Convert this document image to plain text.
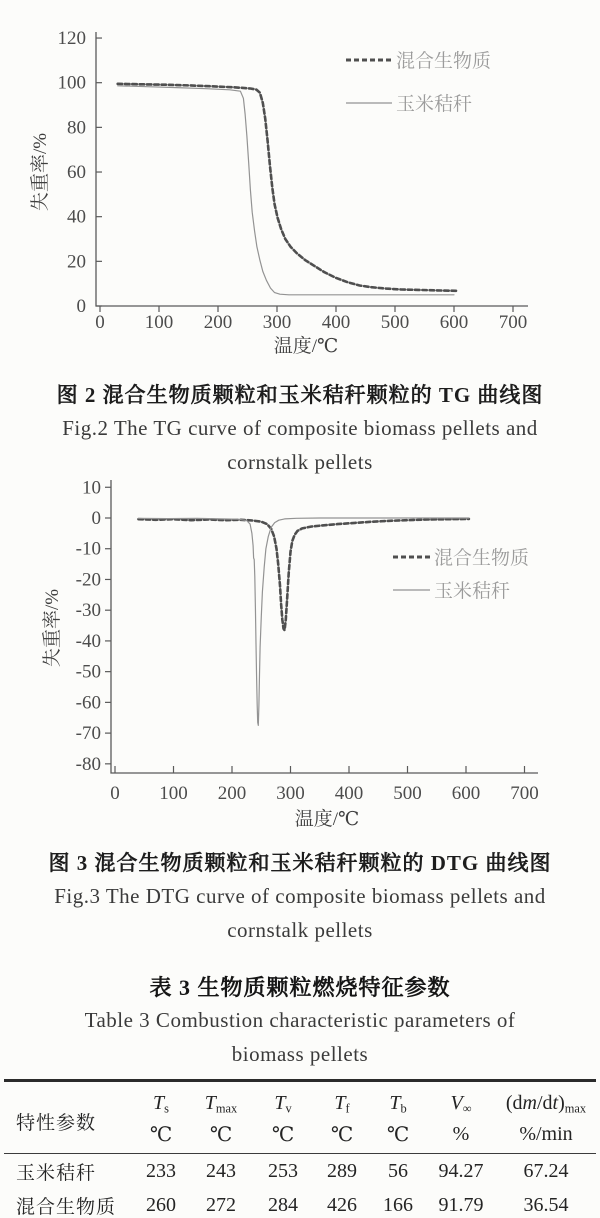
0 100 200 300 400 500 600 700
0
20
40
60
80
100
120
温度/℃
失重率/%
混合生物质
玉米秸秆
图 2 混合生物质颗粒和玉米秸秆颗粒的 TG 曲线图
Fig.2 The TG curve of composite biomass pellets and
cornstalk pellets
0 100 200 300 400 500 600 700
10
0
-10
-20
-30
-40
-50
-60
-70
-80
温度/℃
失重率/%
混合生物质
玉米秸秆
图 3 混合生物质颗粒和玉米秸秆颗粒的 DTG 曲线图
Fig.3 The DTG curve of composite biomass pellets and
cornstalk pellets
表 3 生物质颗粒燃烧特征参数
Table 3 Combustion characteristic parameters of
biomass pellets
特性参数	$T_s$	$T_{max}$	$T_v$	$T_f$	$T_b$	$V_\infty$	$(dm/dt)_{max}$
	℃	℃	℃	℃	℃	%	%/min
玉米秸秆	233	243	253	289	56	94.27	67.24
混合生物质	260	272	284	426	166	91.79	36.54
